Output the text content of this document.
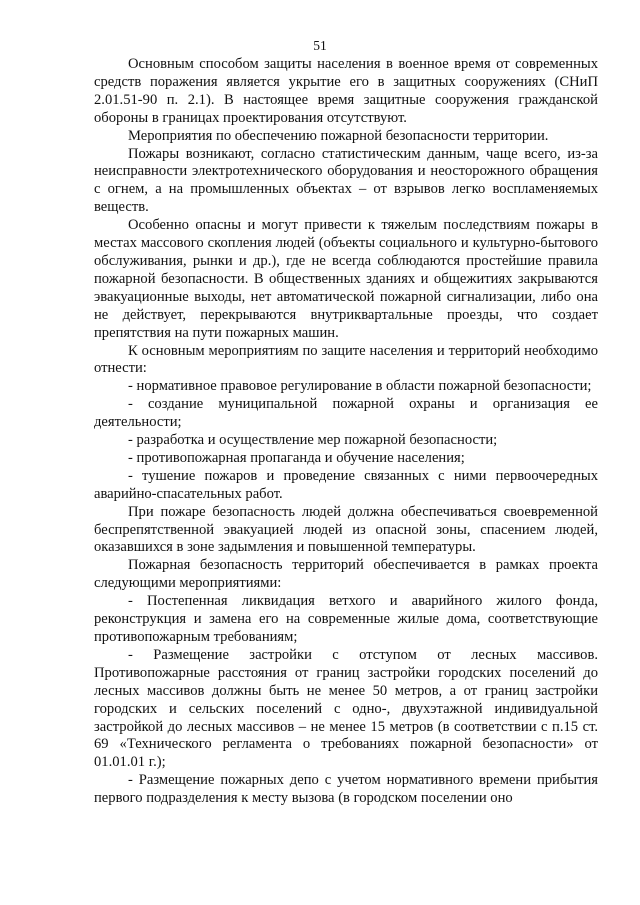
51

Основным способом защиты населения в военное время от современных средств поражения является укрытие его в защитных сооружениях (СНиП 2.01.51-90 п. 2.1). В настоящее время защитные сооружения гражданской обороны в границах проектирования отсутствуют.

Мероприятия по обеспечению пожарной безопасности территории.

Пожары возникают, согласно статистическим данным, чаще всего, из-за неисправности электротехнического оборудования и неосторожного обращения с огнем, а на промышленных объектах – от взрывов легко воспламеняемых веществ.

Особенно опасны и могут привести к тяжелым последствиям пожары в местах массового скопления людей (объекты социального и культурно-бытового обслуживания, рынки и др.), где не всегда соблюдаются простейшие правила пожарной безопасности. В общественных зданиях и общежитиях закрываются эвакуационные выходы, нет автоматической пожарной сигнализации, либо она не действует, перекрываются внутриквартальные проезды, что создает препятствия на пути пожарных машин.

К основным мероприятиям по защите населения и территорий необходимо отнести:

- нормативное правовое регулирование в области пожарной безопасности;

- создание муниципальной пожарной охраны и организация ее деятельности;

- разработка и осуществление мер пожарной безопасности;

- противопожарная пропаганда и обучение населения;

- тушение пожаров и проведение связанных с ними первоочередных аварийно-спасательных работ.

При пожаре безопасность людей должна обеспечиваться своевременной беспрепятственной эвакуацией людей из опасной зоны, спасением людей, оказавшихся в зоне задымления и повышенной температуры.

Пожарная безопасность территорий обеспечивается в рамках проекта следующими мероприятиями:

- Постепенная ликвидация ветхого и аварийного жилого фонда, реконструкция и замена его на современные жилые дома, соответствующие противопожарным требованиям;

- Размещение застройки с отступом от лесных массивов. Противопожарные расстояния от границ застройки городских поселений до лесных массивов должны быть не менее 50 метров, а от границ застройки городских и сельских поселений с одно-, двухэтажной индивидуальной застройкой до лесных массивов – не менее 15 метров (в соответствии с п.15 ст. 69 «Технического регламента о требованиях пожарной безопасности» от 01.01.01 г.);

- Размещение пожарных депо с учетом нормативного времени прибытия первого подразделения к месту вызова (в городском поселении оно
